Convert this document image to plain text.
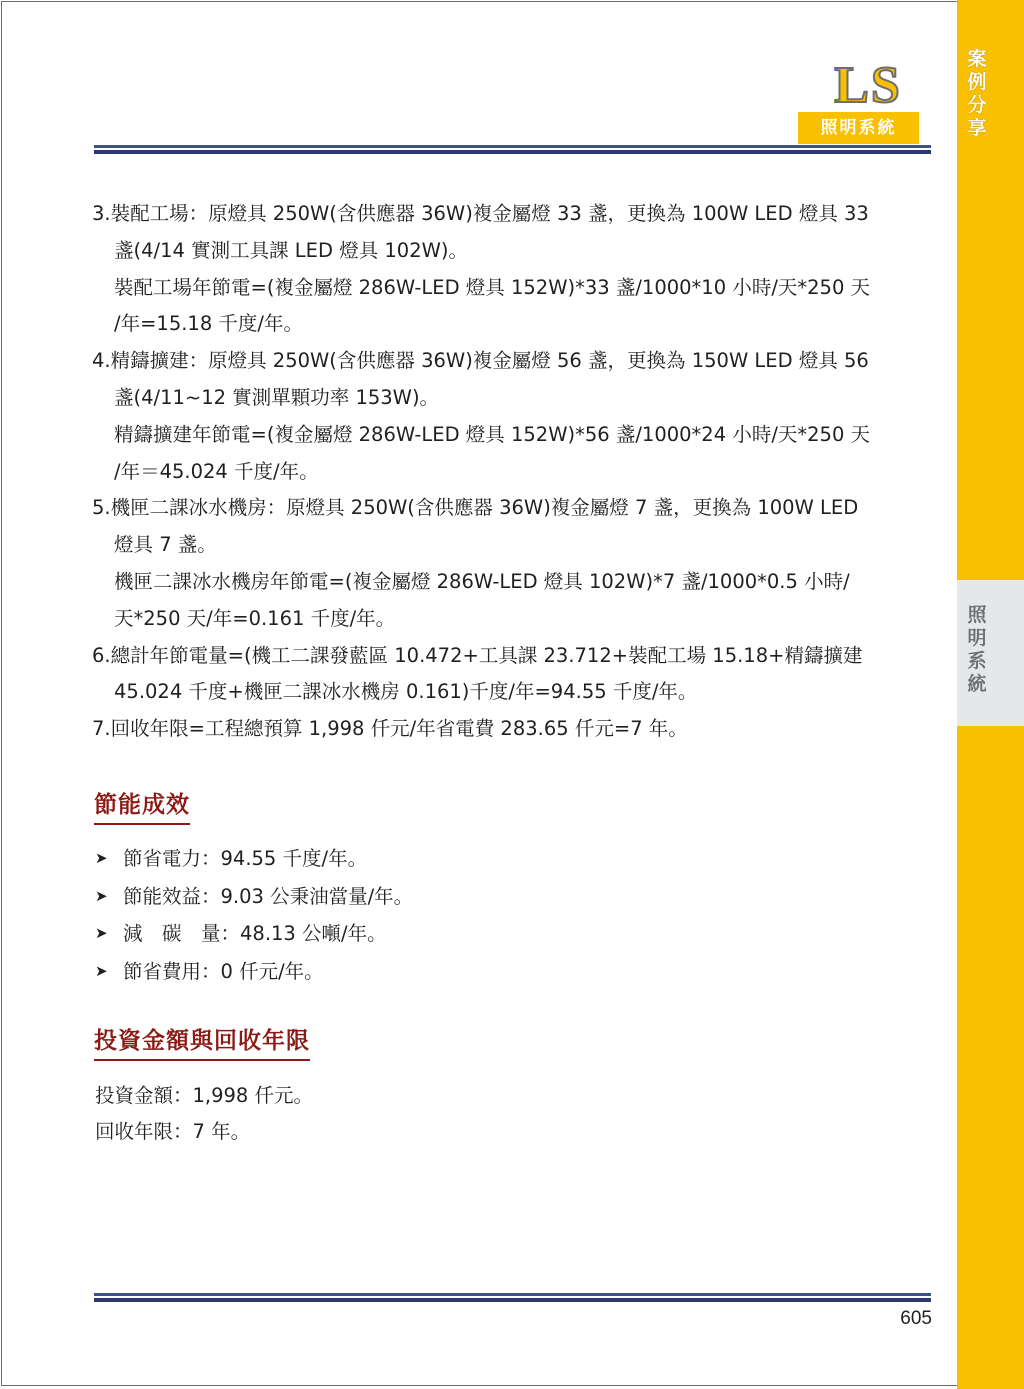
案例分享
照明系統
LS
照明系統
3.裝配工場：原燈具 250W(含供應器 36W)複金屬燈 33 盞，更換為 100W LED 燈具 33
盞(4/14 實測工具課 LED 燈具 102W)。
裝配工場年節電=(複金屬燈 286W-LED 燈具 152W)*33 盞/1000*10 小時/天*250 天
/年=15.18 千度/年。
4.精鑄擴建：原燈具 250W(含供應器 36W)複金屬燈 56 盞，更換為 150W LED 燈具 56
盞(4/11~12 實測單顆功率 153W)。
精鑄擴建年節電=(複金屬燈 286W-LED 燈具 152W)*56 盞/1000*24 小時/天*250 天
/年＝45.024 千度/年。
5.機匣二課冰水機房：原燈具 250W(含供應器 36W)複金屬燈 7 盞，更換為 100W LED
燈具 7 盞。
機匣二課冰水機房年節電=(複金屬燈 286W-LED 燈具 102W)*7 盞/1000*0.5 小時/
天*250 天/年=0.161 千度/年。
6.總計年節電量=(機工二課發藍區 10.472+工具課 23.712+裝配工場 15.18+精鑄擴建
45.024 千度+機匣二課冰水機房 0.161)千度/年=94.55 千度/年。
7.回收年限=工程總預算 1,998 仟元/年省電費 283.65 仟元=7 年。
節能成效
➤ 節省電力：94.55 千度/年。
➤ 節能效益：9.03 公秉油當量/年。
➤ 減　碳　量：48.13 公噸/年。
➤ 節省費用：0 仟元/年。
投資金額與回收年限
投資金額：1,998 仟元。
回收年限：7 年。
605
